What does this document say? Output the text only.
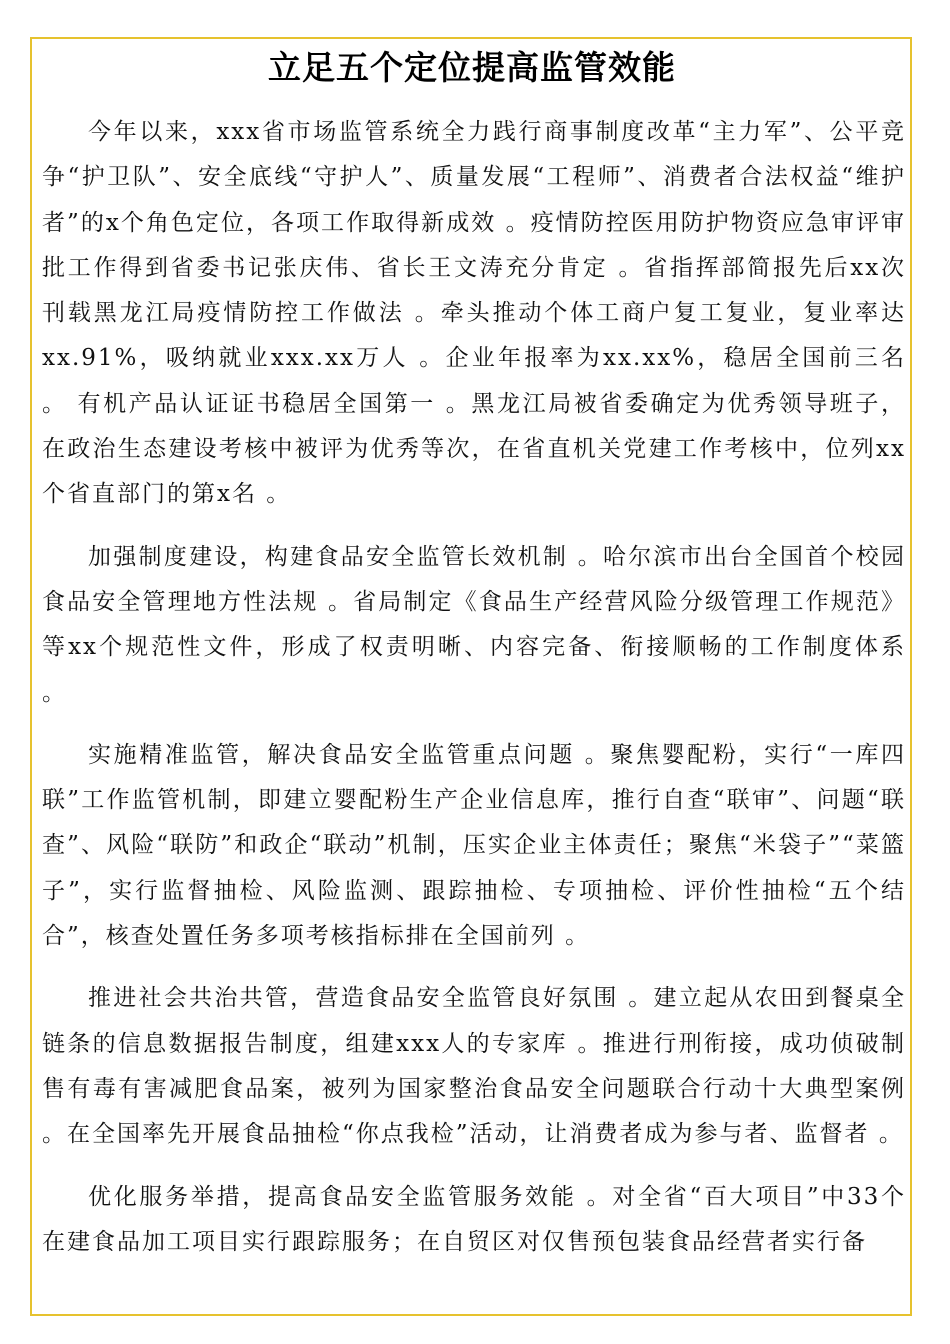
立足五个定位提高监管效能

今年以来，xxx省市场监管系统全力践行商事制度改革“主力军”、公平竞争“护卫队”、安全底线“守护人”、质量发展“工程师”、消费者合法权益“维护者”的x个角色定位，各项工作取得新成效 。疫情防控医用防护物资应急审评审批工作得到省委书记张庆伟、省长王文涛充分肯定 。省指挥部简报先后xx次刊载黑龙江局疫情防控工作做法 。牵头推动个体工商户复工复业，复业率达xx.91%，吸纳就业xxx.xx万人 。企业年报率为xx.xx%，稳居全国前三名 。 有机产品认证证书稳居全国第一 。黑龙江局被省委确定为优秀领导班子，在政治生态建设考核中被评为优秀等次，在省直机关党建工作考核中，位列xx个省直部门的第x名 。

加强制度建设，构建食品安全监管长效机制 。哈尔滨市出台全国首个校园食品安全管理地方性法规 。省局制定《食品生产经营风险分级管理工作规范》等xx个规范性文件，形成了权责明晰、内容完备、衔接顺畅的工作制度体系 。

实施精准监管，解决食品安全监管重点问题 。聚焦婴配粉，实行“一库四联”工作监管机制，即建立婴配粉生产企业信息库，推行自查“联审”、问题“联查”、风险“联防”和政企“联动”机制，压实企业主体责任；聚焦“米袋子”“菜篮子”，实行监督抽检、风险监测、跟踪抽检、专项抽检、评价性抽检“五个结合”，核查处置任务多项考核指标排在全国前列 。

推进社会共治共管，营造食品安全监管良好氛围 。建立起从农田到餐桌全链条的信息数据报告制度，组建xxx人的专家库 。推进行刑衔接，成功侦破制售有毒有害减肥食品案，被列为国家整治食品安全问题联合行动十大典型案例 。在全国率先开展食品抽检“你点我检”活动，让消费者成为参与者、监督者 。

优化服务举措，提高食品安全监管服务效能 。对全省“百大项目”中33个在建食品加工项目实行跟踪服务；在自贸区对仅售预包装食品经营者实行备
